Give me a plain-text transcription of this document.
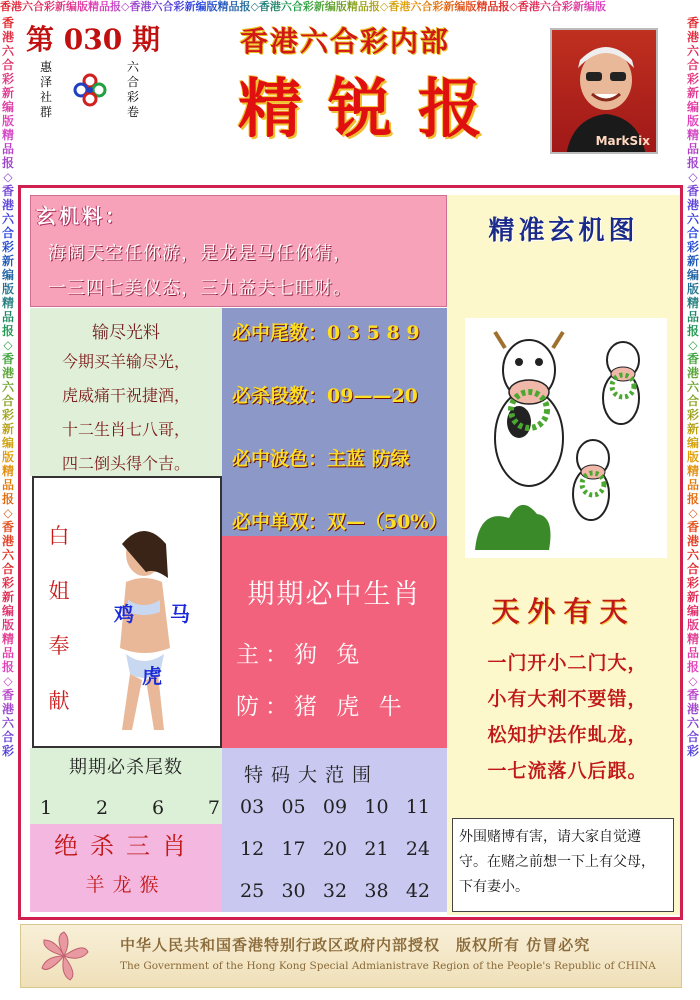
香港六合彩新编版精品报◇香港六合彩新编版精品报◇香港六合彩新编版精品报◇香港六合彩新编版精品报◇香港六合彩新编版
香港六合彩新编版精品报◇香港六合彩新编版精品报◇香港六合彩新编版精品报◇香港六合彩新编版精品报◇香港六合彩
香港六合彩新编版精品报◇香港六合彩新编版精品报◇香港六合彩新编版精品报◇香港六合彩新编版精品报◇香港六合彩
第 030 期
惠泽社群
六合彩卷
香港六合彩内部
精锐报	MarkSix
玄机料：
海阔天空任你游，是龙是马任你猜，
一三四七美仪态，三九益夫七旺财。
输尽光料
今期买羊输尽光，
虎威痛干祝捷酒，
十二生肖七八哥，
四二倒头得个吉。
必中尾数：0 3 5 8 9
必杀段数：09——20
必中波色：主蓝 防绿
必中单双：双—（50%）
白
姐
奉
献
鸡 马
虎
期期必中生肖
主：狗 兔
防：猪 虎 牛
期期必杀尾数
1 2 6 7
绝杀三肖
羊龙猴
特码大范围
03 05 09 10 11
12 17 20 21 24
25 30 32 38 42
精准玄机图
天外有天
一门开小二门大，
小有大利不要错，
松知护法作虬龙，
一七流落八后跟。
外围赌博有害，请大家自觉遵守。在赌之前想一下上有父母，下有妻小。
中华人民共和国香港特别行政区政府内部授权　版权所有 仿冒必究
The Government of the Hong Kong Special Admianistrave Region of the People's Republic of CHINA
